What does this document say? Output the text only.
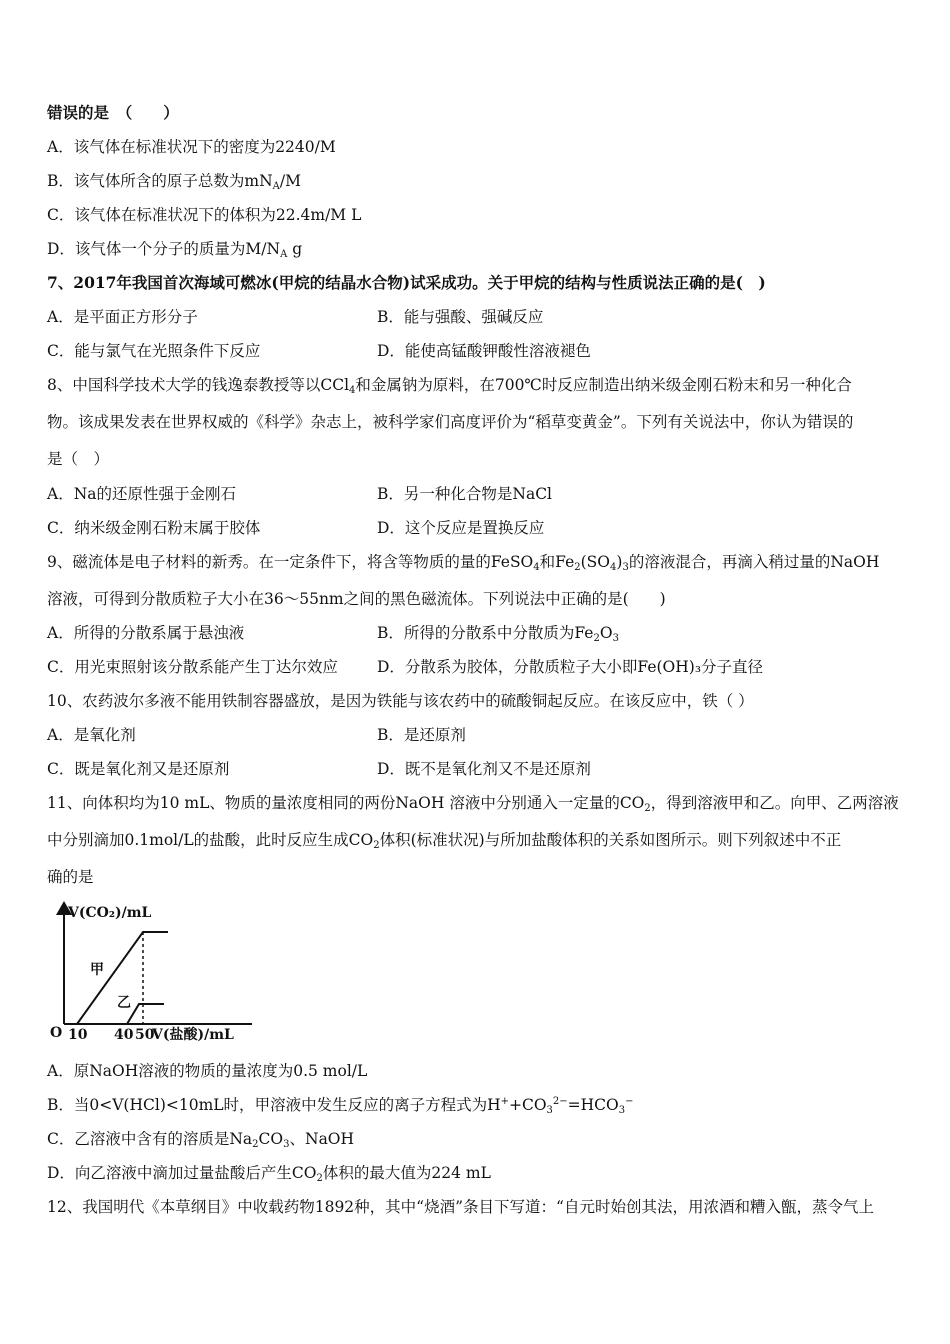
错误的是　（　　）
A．该气体在标准状况下的密度为2240/M
B．该气体所含的原子总数为$mN_A/M$
C．该气体在标准状况下的体积为22.4m/M L
D．该气体一个分子的质量为$M/N_A$ g
7、2017年我国首次海域可燃冰(甲烷的结晶水合物)试采成功。关于甲烷的结构与性质说法正确的是(　)
A．是平面正方形分子	B．能与强酸、强碱反应
C．能与氯气在光照条件下反应	D．能使高锰酸钾酸性溶液褪色
8、中国科学技术大学的钱逸泰教授等以CCl$_4$和金属钠为原料，在700℃时反应制造出纳米级金刚石粉末和另一种化合
物。该成果发表在世界权威的《科学》杂志上，被科学家们高度评价为“稻草变黄金”。下列有关说法中，你认为错误的
是（　）
A．Na的还原性强于金刚石	B．另一种化合物是NaCl
C．纳米级金刚石粉末属于胶体	D．这个反应是置换反应
9、磁流体是电子材料的新秀。在一定条件下，将含等物质的量的FeSO$_4$和$Fe_2(SO_4)_3$的溶液混合，再滴入稍过量的NaOH
溶液，可得到分散质粒子大小在36～55nm之间的黑色磁流体。下列说法中正确的是(　　)
A．所得的分散系属于悬浊液	B．所得的分散系中分散质为$Fe_2O_3$
C．用光束照射该分散系能产生丁达尔效应	D．分散系为胶体，分散质粒子大小即Fe(OH)₃分子直径
10、农药波尔多液不能用铁制容器盛放，是因为铁能与该农药中的硫酸铜起反应。在该反应中，铁（ ）
A．是氧化剂	B．是还原剂
C．既是氧化剂又是还原剂	D．既不是氧化剂又不是还原剂
11、向体积均为10 mL、物质的量浓度相同的两份NaOH 溶液中分别通入一定量的$CO_2$，得到溶液甲和乙。向甲、乙两溶液
中分别滴加0.1mol/L的盐酸，此时反应生成$CO_2$体积(标准状况)与所加盐酸体积的关系如图所示。则下列叙述中不正
确的是
V(CO₂)/mL
O 10 40 50
V(盐酸)/mL
甲
乙
A．原NaOH溶液的物质的量浓度为0.5 mol/L
B．当0<V(HCl)<10mL时，甲溶液中发生反应的离子方程式为$H^++CO_3^{2-}=HCO_3^-$
C．乙溶液中含有的溶质是$Na_2CO_3$、NaOH
D．向乙溶液中滴加过量盐酸后产生$CO_2$体积的最大值为224 mL
12、我国明代《本草纲目》中收载药物1892种，其中“烧酒”条目下写道：“自元时始创其法，用浓酒和糟入甑，蒸令气上
